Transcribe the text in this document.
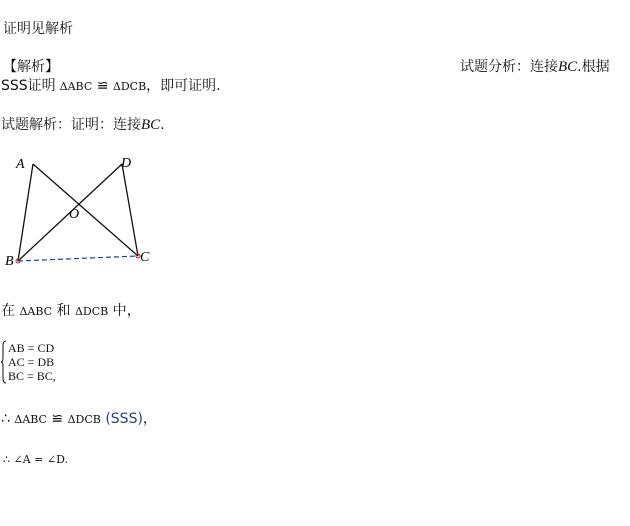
证明见解析
【解析】	试题分析：连接BC.根据
SSS证明 ΔABC ≌ ΔDCB，即可证明.
试题解析：证明：连接BC.
A	D
O
B	C
在 ΔABC 和 ΔDCB 中，
AB = CD
AC = DB
BC = BC,
∴ ΔABC ≌ ΔDCB (SSS)，
∴ ∠A = ∠D.
